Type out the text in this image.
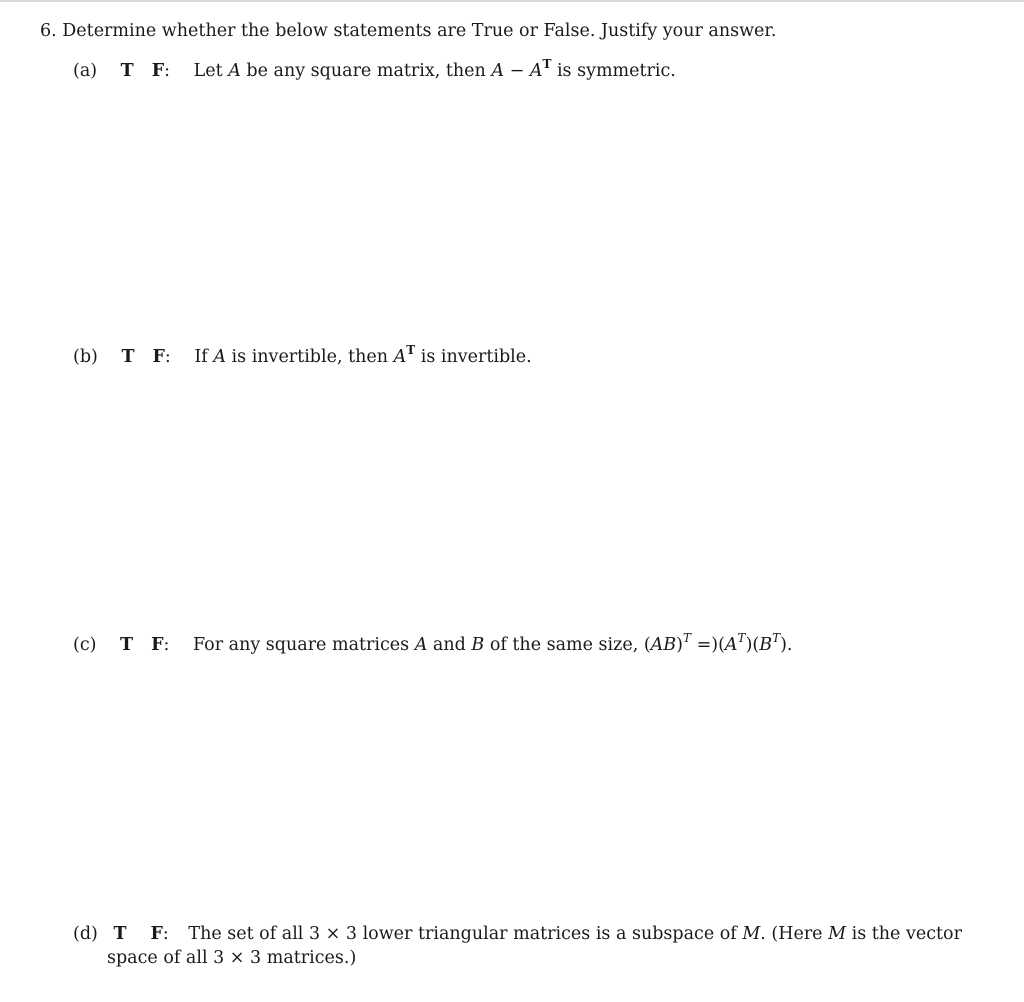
6. Determine whether the below statements are True or False. Justify your answer.
(a) T F: Let A be any square matrix, then $A - A^T$ is symmetric.
(b) T F: If A is invertible, then $A^T$ is invertible.
(c) T F: For any square matrices A and B of the same size, $(AB)^T =)(A^T)(B^T)$.
(d) T F: The set of all 3 × 3 lower triangular matrices is a subspace of M. (Here M is the vector
space of all 3 × 3 matrices.)
